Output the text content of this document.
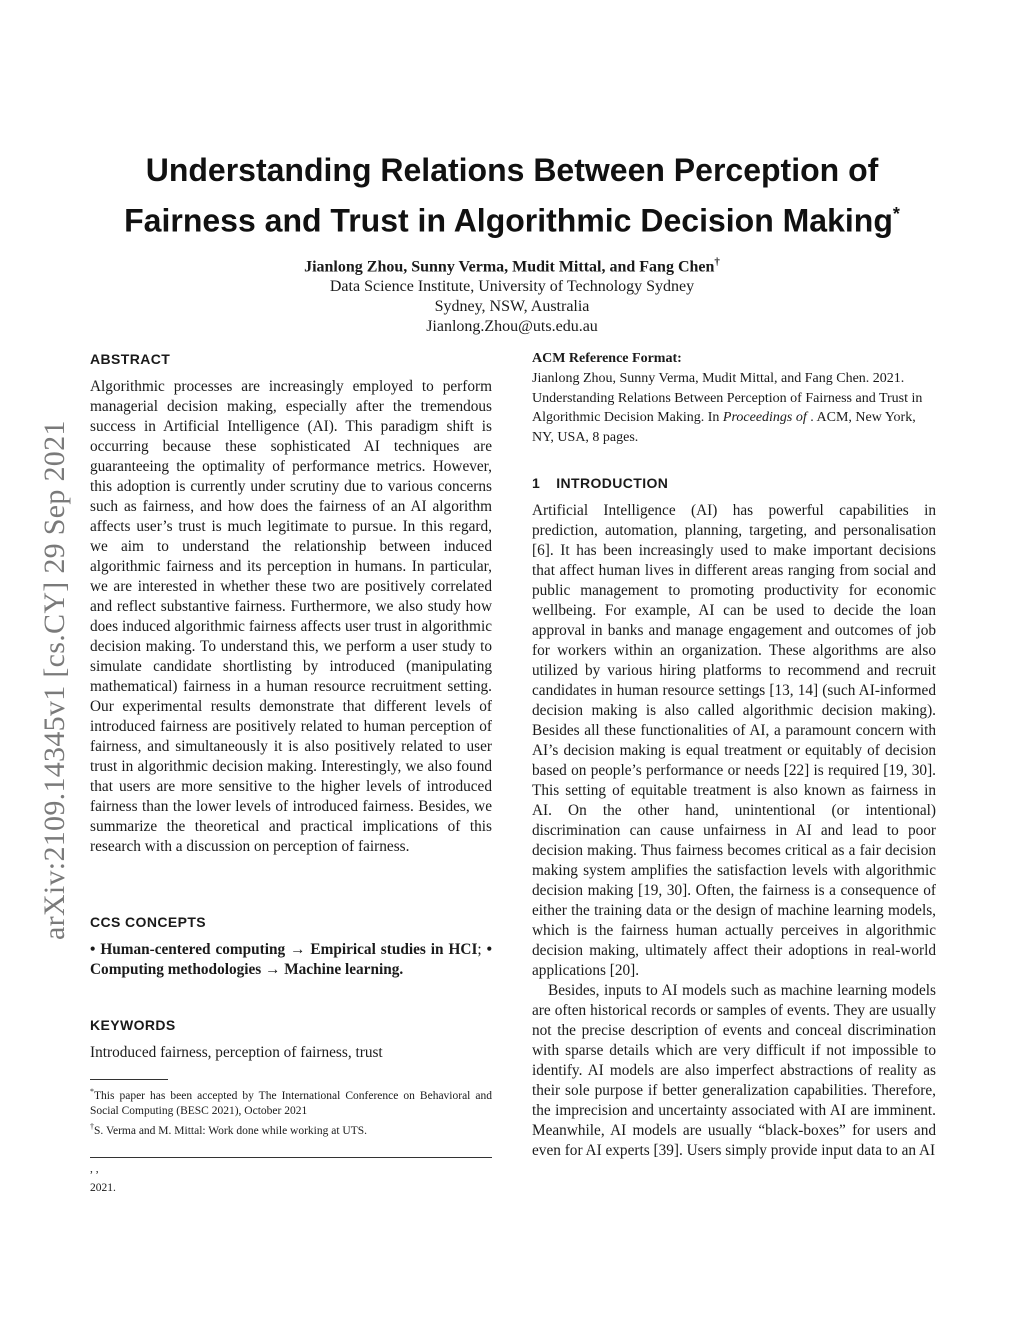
arXiv:2109.14345v1 [cs.CY] 29 Sep 2021
Understanding Relations Between Perception of Fairness and Trust in Algorithmic Decision Making*
Jianlong Zhou, Sunny Verma, Mudit Mittal, and Fang Chen†
Data Science Institute, University of Technology Sydney
Sydney, NSW, Australia
Jianlong.Zhou@uts.edu.au
ABSTRACT

Algorithmic processes are increasingly employed to perform managerial decision making, especially after the tremendous success in Artificial Intelligence (AI). This paradigm shift is occurring because these sophisticated AI techniques are guaranteeing the optimality of performance metrics. However, this adoption is currently under scrutiny due to various concerns such as fairness, and how does the fairness of an AI algorithm affects user’s trust is much legitimate to pursue. In this regard, we aim to understand the relationship between induced algorithmic fairness and its perception in humans. In particular, we are interested in whether these two are positively correlated and reflect substantive fairness. Furthermore, we also study how does induced algorithmic fairness affects user trust in algorithmic decision making. To understand this, we perform a user study to simulate candidate shortlisting by introduced (manipulating mathematical) fairness in a human resource recruitment setting. Our experimental results demonstrate that different levels of introduced fairness are positively related to human perception of fairness, and simultaneously it is also positively related to user trust in algorithmic decision making. Interestingly, we also found that users are more sensitive to the higher levels of introduced fairness than the lower levels of introduced fairness. Besides, we summarize the theoretical and practical implications of this research with a discussion on perception of fairness.

CCS CONCEPTS

• Human-centered computing → Empirical studies in HCI; • Computing methodologies → Machine learning.

KEYWORDS

Introduced fairness, perception of fairness, trust

*This paper has been accepted by The International Conference on Behavioral and Social Computing (BESC 2021), October 2021
†S. Verma and M. Mittal: Work done while working at UTS.
, ,
2021.
ACM Reference Format:
Jianlong Zhou, Sunny Verma, Mudit Mittal, and Fang Chen. 2021. Understanding Relations Between Perception of Fairness and Trust in Algorithmic Decision Making. In Proceedings of . ACM, New York, NY, USA, 8 pages.
1 INTRODUCTION

Artificial Intelligence (AI) has powerful capabilities in prediction, automation, planning, targeting, and personalisation [6]. It has been increasingly used to make important decisions that affect human lives in different areas ranging from social and public management to promoting productivity for economic wellbeing. For example, AI can be used to decide the loan approval in banks and manage engagement and outcomes of job for workers within an organization. These algorithms are also utilized by various hiring platforms to recommend and recruit candidates in human resource settings [13, 14] (such AI-informed decision making is also called algorithmic decision making). Besides all these functionalities of AI, a paramount concern with AI’s decision making is equal treatment or equitably of decision based on people’s performance or needs [22] is required [19, 30]. This setting of equitable treatment is also known as fairness in AI. On the other hand, unintentional (or intentional) discrimination can cause unfairness in AI and lead to poor decision making. Thus fairness becomes critical as a fair decision making system amplifies the satisfaction levels with algorithmic decision making [19, 30]. Often, the fairness is a consequence of either the training data or the design of machine learning models, which is the fairness human actually perceives in algorithmic decision making, ultimately affect their adoptions in real-world applications [20].

Besides, inputs to AI models such as machine learning models are often historical records or samples of events. They are usually not the precise description of events and conceal discrimination with sparse details which are very difficult if not impossible to identify. AI models are also imperfect abstractions of reality as their sole purpose if better generalization capabilities. Therefore, the imprecision and uncertainty associated with AI are imminent. Meanwhile, AI models are usually “black-boxes” for users and even for AI experts [39]. Users simply provide input data to an AI
